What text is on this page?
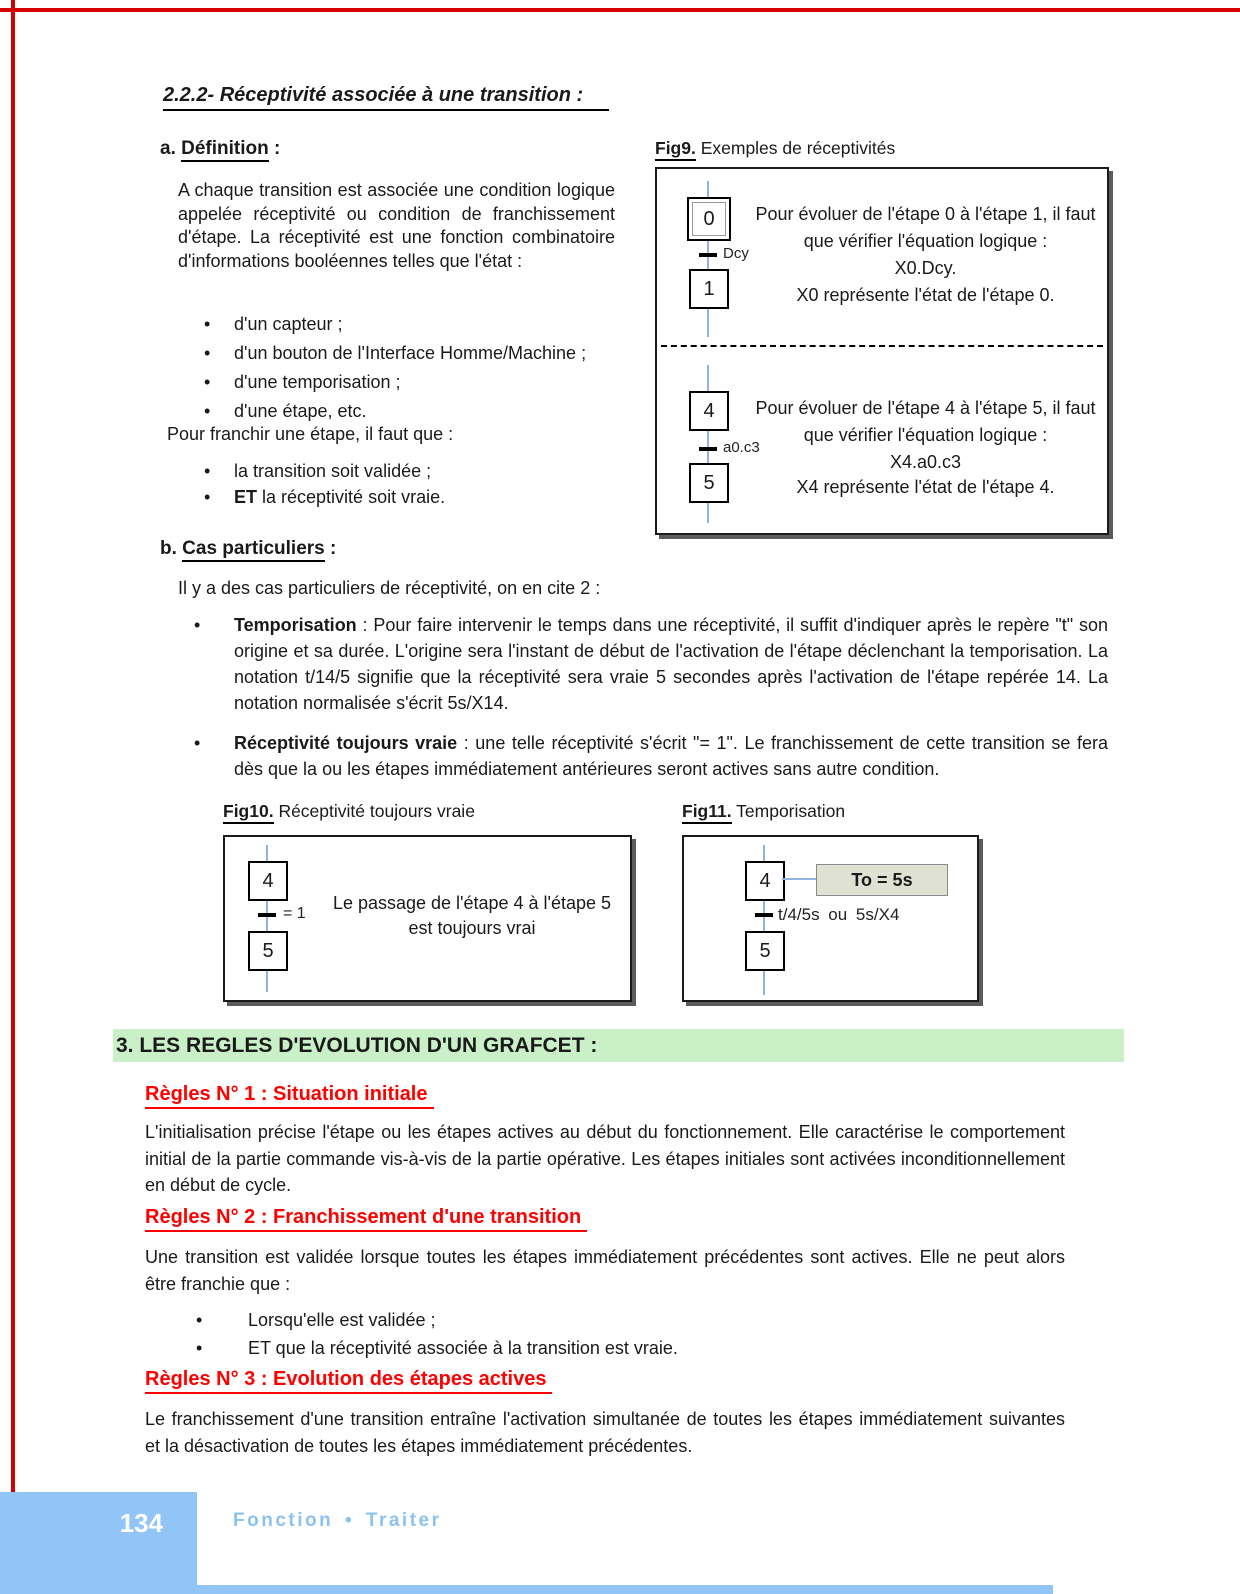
2.2.2- Réceptivité associée à une transition :
a. Définition :
A chaque transition est associée une condition logique appelée réceptivité ou condition de franchissement d'étape. La réceptivité est une fonction combinatoire d'informations booléennes telles que l'état :
•	d'un capteur ;
•	d'un bouton de l'Interface Homme/Machine ;
•	d'une temporisation ;
•	d'une étape, etc.
Pour franchir une étape, il faut que :
•	la transition soit validée ;
•	ET la réceptivité soit vraie.
Fig9. Exemples de réceptivités
0
Dcy
1
Pour évoluer de l'étape 0 à l'étape 1, il faut que vérifier l'équation logique :
X0.Dcy.
X0 représente l'état de l'étape 0.
4
a0.c3
5
Pour évoluer de l'étape 4 à l'étape 5, il faut que vérifier l'équation logique :
X4.a0.c3
X4 représente l'état de l'étape 4.
b. Cas particuliers :
Il y a des cas particuliers de réceptivité, on en cite 2 :
•	Temporisation : Pour faire intervenir le temps dans une réceptivité, il suffit d'indiquer après le repère "t" son origine et sa durée. L'origine sera l'instant de début de l'activation de l'étape déclenchant la temporisation. La notation t/14/5 signifie que la réceptivité sera vraie 5 secondes après l'activation de l'étape repérée 14. La notation normalisée s'écrit 5s/X14.
•	Réceptivité toujours vraie : une telle réceptivité s'écrit "= 1". Le franchissement de cette transition se fera dès que la ou les étapes immédiatement antérieures seront actives sans autre condition.
Fig10. Réceptivité toujours vraie
4
= 1
5
Le passage de l'étape 4 à l'étape 5
est toujours vrai
Fig11. Temporisation
4	To = 5s
t/4/5s ou 5s/X4
5
3. LES REGLES D'EVOLUTION D'UN GRAFCET :
Règles N° 1 : Situation initiale
L'initialisation précise l'étape ou les étapes actives au début du fonctionnement. Elle caractérise le comportement initial de la partie commande vis-à-vis de la partie opérative. Les étapes initiales sont activées inconditionnellement en début de cycle.
Règles N° 2 : Franchissement d'une transition
Une transition est validée lorsque toutes les étapes immédiatement précédentes sont actives. Elle ne peut alors être franchie que :
•	Lorsqu'elle est validée ;
•	ET que la réceptivité associée à la transition est vraie.
Règles N° 3 : Evolution des étapes actives
Le franchissement d'une transition entraîne l'activation simultanée de toutes les étapes immédiatement suivantes et la désactivation de toutes les étapes immédiatement précédentes.
134	Fonction • Traiter
